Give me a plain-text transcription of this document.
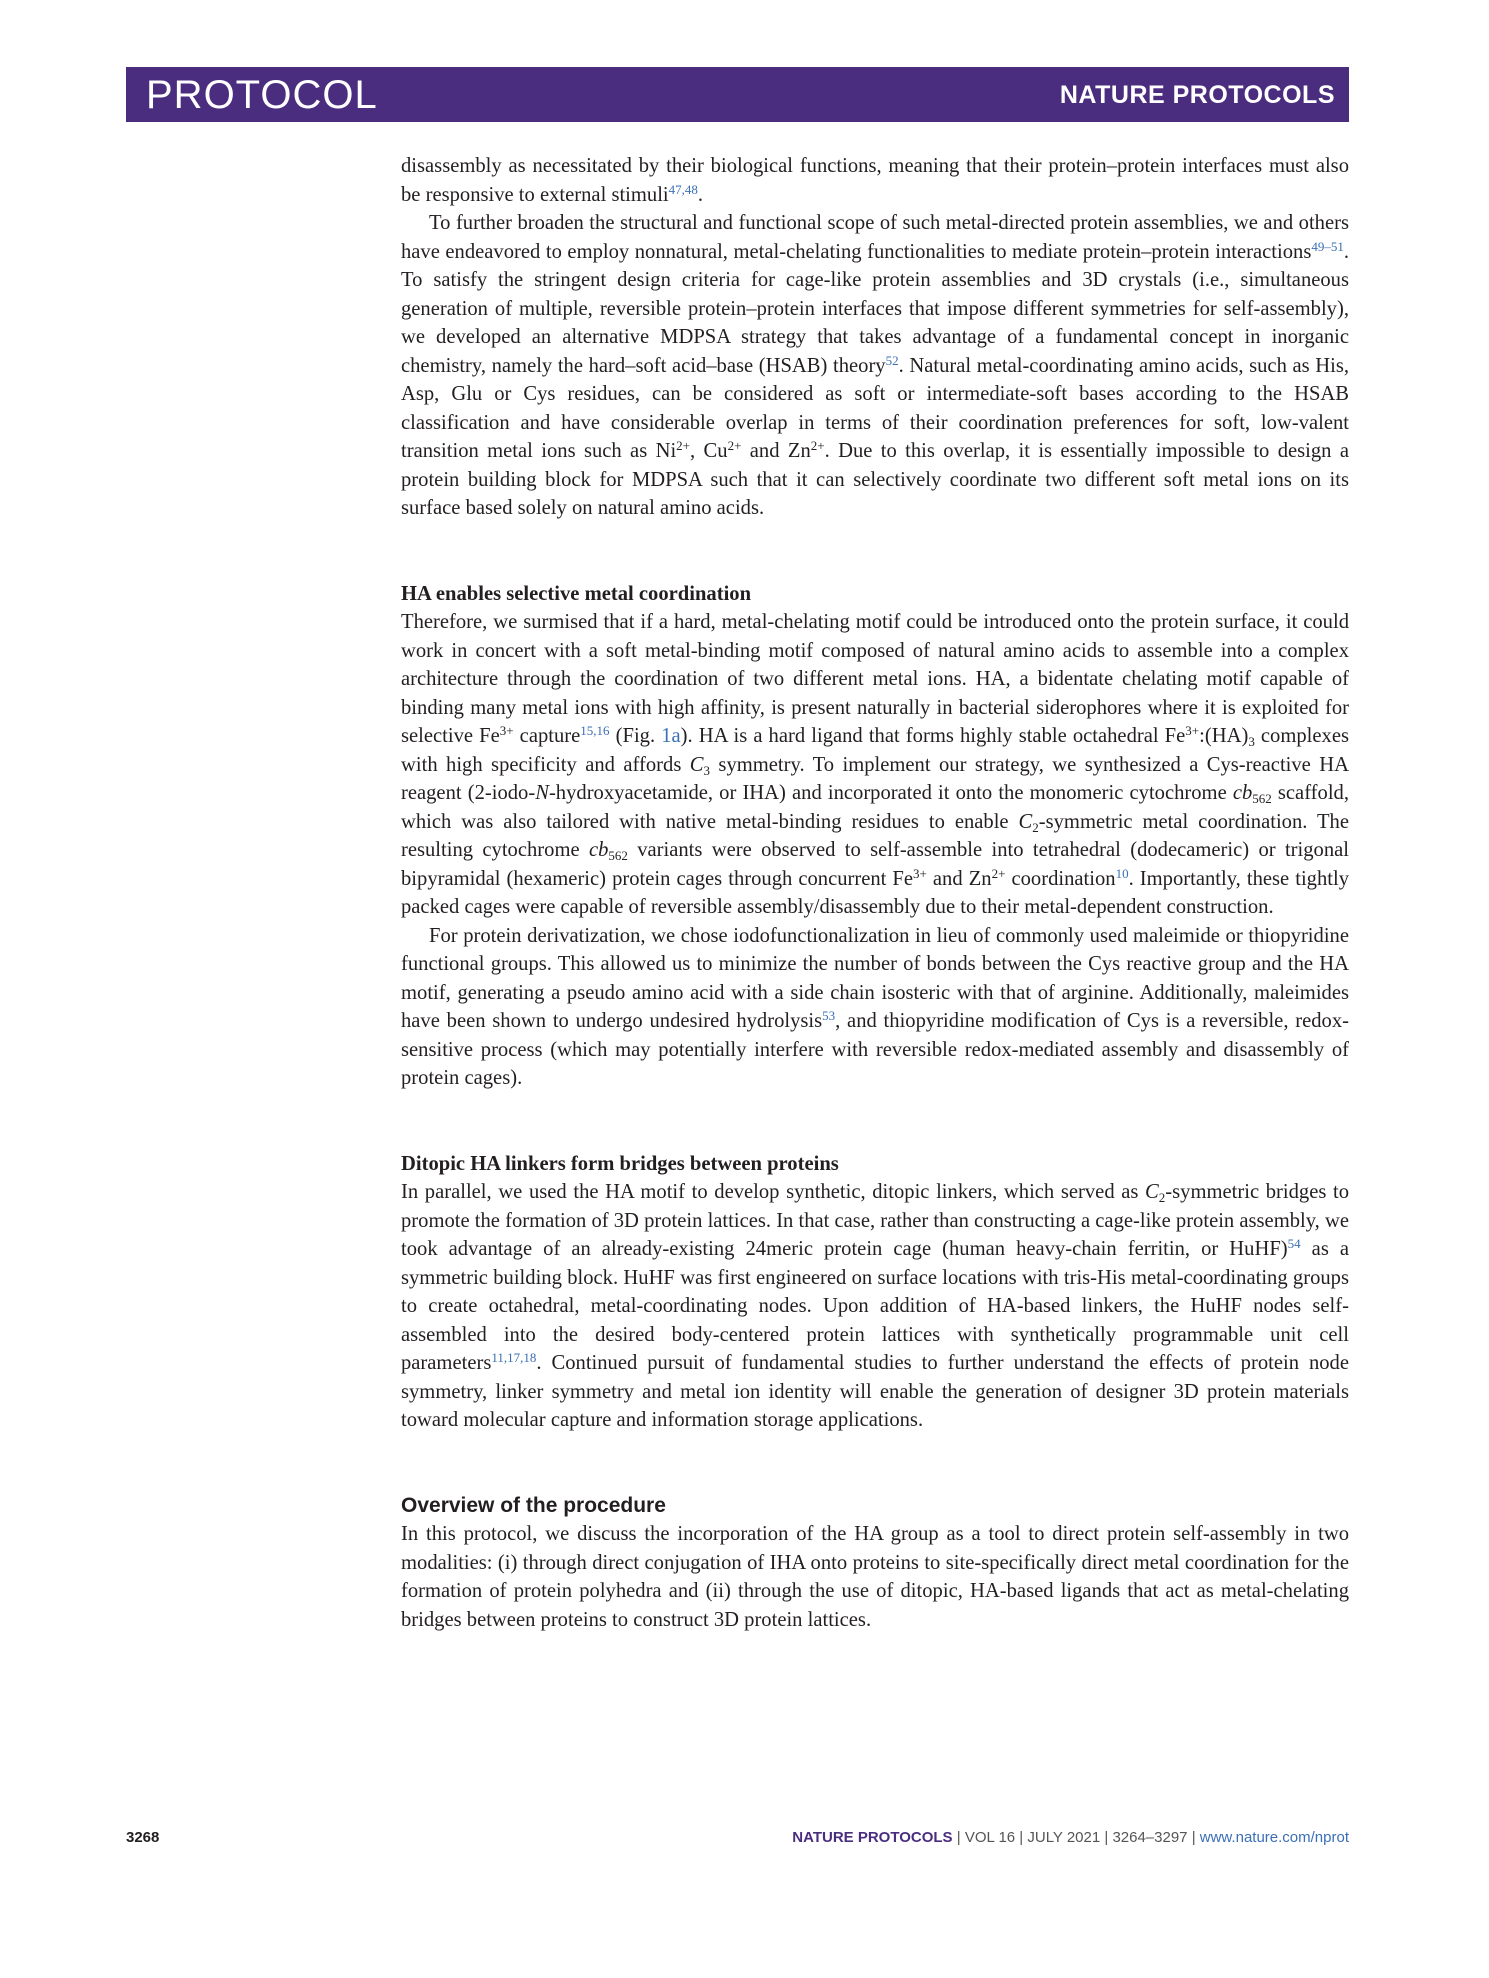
PROTOCOL	NATURE PROTOCOLS

disassembly as necessitated by their biological functions, meaning that their protein–protein interfaces must also be responsive to external stimuli$^{47,48}$.

To further broaden the structural and functional scope of such metal-directed protein assemblies, we and others have endeavored to employ nonnatural, metal-chelating functionalities to mediate protein–protein interactions$^{49-51}$. To satisfy the stringent design criteria for cage-like protein assemblies and 3D crystals (i.e., simultaneous generation of multiple, reversible protein–protein interfaces that impose different symmetries for self-assembly), we developed an alternative MDPSA strategy that takes advantage of a fundamental concept in inorganic chemistry, namely the hard–soft acid–base (HSAB) theory$^{52}$. Natural metal-coordinating amino acids, such as His, Asp, Glu or Cys residues, can be considered as soft or intermediate-soft bases according to the HSAB classification and have considerable overlap in terms of their coordination preferences for soft, low-valent transition metal ions such as $Ni^{2+}$, $Cu^{2+}$ and $Zn^{2+}$. Due to this overlap, it is essentially impossible to design a protein building block for MDPSA such that it can selectively coordinate two different soft metal ions on its surface based solely on natural amino acids.

HA enables selective metal coordination

Therefore, we surmised that if a hard, metal-chelating motif could be introduced onto the protein surface, it could work in concert with a soft metal-binding motif composed of natural amino acids to assemble into a complex architecture through the coordination of two different metal ions. HA, a bidentate chelating motif capable of binding many metal ions with high affinity, is present naturally in bacterial siderophores where it is exploited for selective $Fe^{3+}$ capture$^{15,16}$ (Fig. 1a). HA is a hard ligand that forms highly stable octahedral $Fe^{3+}:(HA)_3$ complexes with high specificity and affords $C_3$ symmetry. To implement our strategy, we synthesized a Cys-reactive HA reagent (2-iodo-N-hydroxyacetamide, or IHA) and incorporated it onto the monomeric cytochrome $cb_{562}$ scaffold, which was also tailored with native metal-binding residues to enable $C_2$-symmetric metal coordination. The resulting cytochrome $cb_{562}$ variants were observed to self-assemble into tetrahedral (dodecameric) or trigonal bipyramidal (hexameric) protein cages through concurrent $Fe^{3+}$ and $Zn^{2+}$ coordination$^{10}$. Importantly, these tightly packed cages were capable of reversible assembly/disassembly due to their metal-dependent construction.

For protein derivatization, we chose iodofunctionalization in lieu of commonly used maleimide or thiopyridine functional groups. This allowed us to minimize the number of bonds between the Cys reactive group and the HA motif, generating a pseudo amino acid with a side chain isosteric with that of arginine. Additionally, maleimides have been shown to undergo undesired hydrolysis$^{53}$, and thiopyridine modification of Cys is a reversible, redox-sensitive process (which may potentially interfere with reversible redox-mediated assembly and disassembly of protein cages).

Ditopic HA linkers form bridges between proteins

In parallel, we used the HA motif to develop synthetic, ditopic linkers, which served as $C_2$-symmetric bridges to promote the formation of 3D protein lattices. In that case, rather than constructing a cage-like protein assembly, we took advantage of an already-existing 24meric protein cage (human heavy-chain ferritin, or HuHF)$^{54}$ as a symmetric building block. HuHF was first engineered on surface locations with tris-His metal-coordinating groups to create octahedral, metal-coordinating nodes. Upon addition of HA-based linkers, the HuHF nodes self-assembled into the desired body-centered protein lattices with synthetically programmable unit cell parameters$^{11,17,18}$. Continued pursuit of fundamental studies to further understand the effects of protein node symmetry, linker symmetry and metal ion identity will enable the generation of designer 3D protein materials toward molecular capture and information storage applications.

Overview of the procedure

In this protocol, we discuss the incorporation of the HA group as a tool to direct protein self-assembly in two modalities: (i) through direct conjugation of IHA onto proteins to site-specifically direct metal coordination for the formation of protein polyhedra and (ii) through the use of ditopic, HA-based ligands that act as metal-chelating bridges between proteins to construct 3D protein lattices.

3268	NATURE PROTOCOLS | VOL 16 | JULY 2021 | 3264–3297 | www.nature.com/nprot
